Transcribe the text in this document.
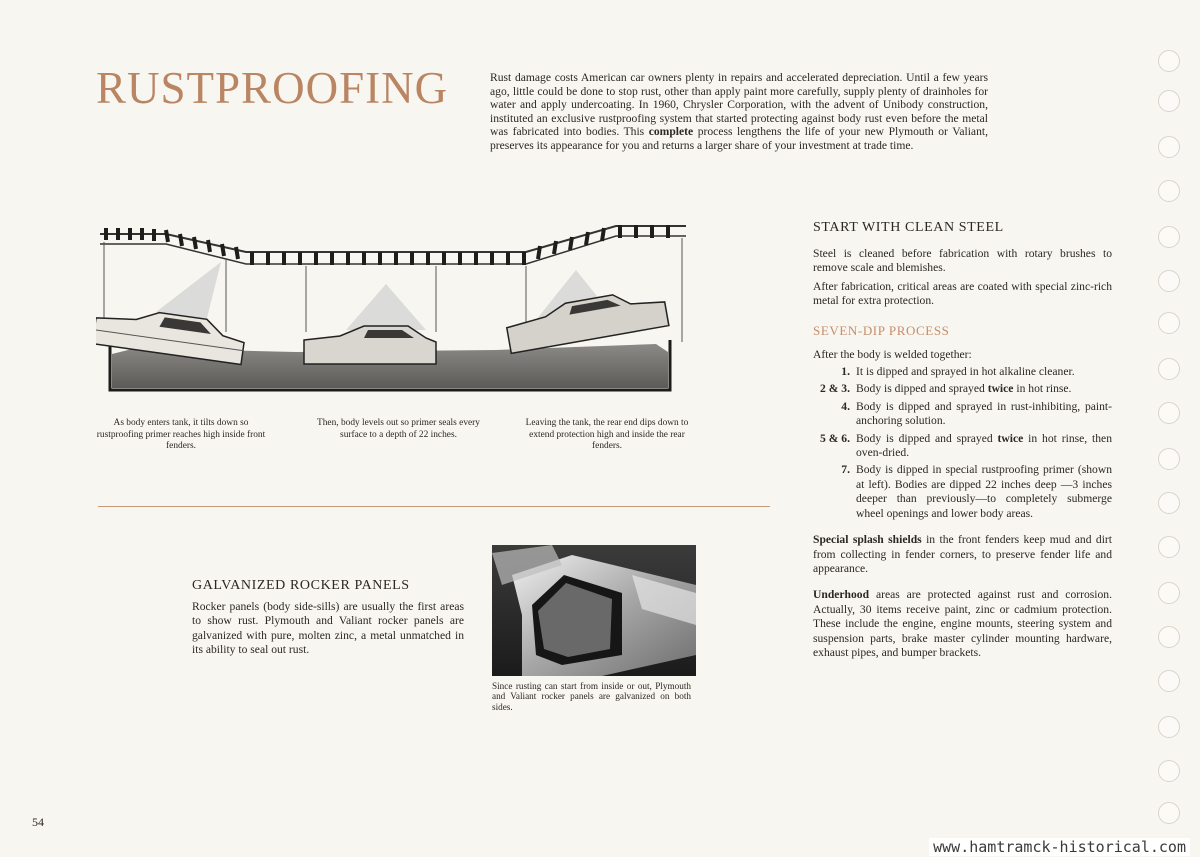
RUSTPROOFING	Rust damage costs American car owners plenty in repairs and accelerated depreciation. Until a few years ago, little could be done to stop rust, other than apply paint more carefully, supply plenty of drainholes for water and apply undercoating. In 1960, Chrysler Corporation, with the advent of Unibody construction, instituted an exclusive rustproofing system that started protecting against body rust even before the metal was fabricated into bodies. This complete process lengthens the life of your new Plymouth or Valiant, preserves its appearance for you and returns a larger share of your investment at trade time.
As body enters tank, it tilts down so rustproofing primer reaches high inside front fenders.
Then, body levels out so primer seals every surface to a depth of 22 inches.
Leaving the tank, the rear end dips down to extend protection high and inside the rear fenders.
START WITH CLEAN STEEL
Steel is cleaned before fabrication with rotary brushes to remove scale and blemishes.
After fabrication, critical areas are coated with special zinc-rich metal for extra protection.
SEVEN-DIP PROCESS
After the body is welded together:
1. It is dipped and sprayed in hot alkaline cleaner.
2 & 3. Body is dipped and sprayed twice in hot rinse.
4. Body is dipped and sprayed in rust-inhibiting, paint-anchoring solution.
5 & 6. Body is dipped and sprayed twice in hot rinse, then oven-dried.
7. Body is dipped in special rustproofing primer (shown at left). Bodies are dipped 22 inches deep —3 inches deeper than previously—to completely submerge wheel openings and lower body areas.
Special splash shields in the front fenders keep mud and dirt from collecting in fender corners, to preserve fender life and appearance.
Underhood areas are protected against rust and corrosion. Actually, 30 items receive paint, zinc or cadmium protection. These include the engine, engine mounts, steering system and suspension parts, brake master cylinder mounting hardware, exhaust pipes, and bumper brackets.
GALVANIZED ROCKER PANELS
Rocker panels (body side-sills) are usually the first areas to show rust. Plymouth and Valiant rocker panels are galvanized with pure, molten zinc, a metal unmatched in its ability to seal out rust.
Since rusting can start from inside or out, Plymouth and Valiant rocker panels are galvanized on both sides.
54
www.hamtramck-historical.com
